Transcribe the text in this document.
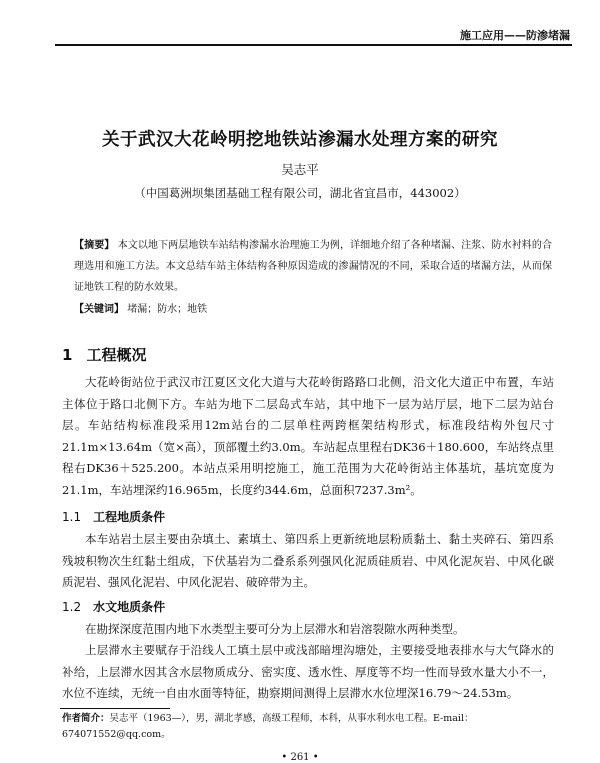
施工应用——防渗堵漏
关于武汉大花岭明挖地铁站渗漏水处理方案的研究
吴志平
（中国葛洲坝集团基础工程有限公司，湖北省宜昌市，443002）
【摘要】 本文以地下两层地铁车站结构渗漏水治理施工为例，详细地介绍了各种堵漏、注浆、防水衬料的合理选用和施工方法。本文总结车站主体结构各种原因造成的渗漏情况的不同，采取合适的堵漏方法，从而保证地铁工程的防水效果。
【关键词】 堵漏；防水；地铁
1 工程概况
大花岭街站位于武汉市江夏区文化大道与大花岭街路路口北侧，沿文化大道正中布置，车站主体位于路口北侧下方。车站为地下二层岛式车站，其中地下一层为站厅层，地下二层为站台层。车站结构标准段采用12m站台的二层单柱两跨框架结构形式，标准段结构外包尺寸21.1m×13.64m（宽×高），顶部覆土约3.0m。车站起点里程右DK36＋180.600，车站终点里程右DK36＋525.200。本站点采用明挖施工，施工范围为大花岭街站主体基坑，基坑宽度为21.1m，车站埋深约16.965m，长度约344.6m，总面积7237.3m²。
1.1 工程地质条件
本车站岩土层主要由杂填土、素填土、第四系上更新统地层粉质黏土、黏土夹碎石、第四系残坡积物次生红黏土组成，下伏基岩为二叠系系列强风化泥质硅质岩、中风化泥灰岩、中风化碳质泥岩、强风化泥岩、中风化泥岩、破碎带为主。
1.2 水文地质条件
在勘探深度范围内地下水类型主要可分为上层滞水和岩溶裂隙水两种类型。
上层滞水主要赋存于沿线人工填土层中或浅部暗埋沟塘处，主要接受地表排水与大气降水的补给，上层滞水因其含水层物质成分、密实度、透水性、厚度等不均一性而导致水量大小不一，水位不连续，无统一自由水面等特征，勘察期间测得上层滞水水位埋深16.79～24.53m。
作者简介：吴志平（1963—），男，湖北孝感，高级工程师，本科，从事水利水电工程。E-mail：674071552@qq.com。
• 261 •
